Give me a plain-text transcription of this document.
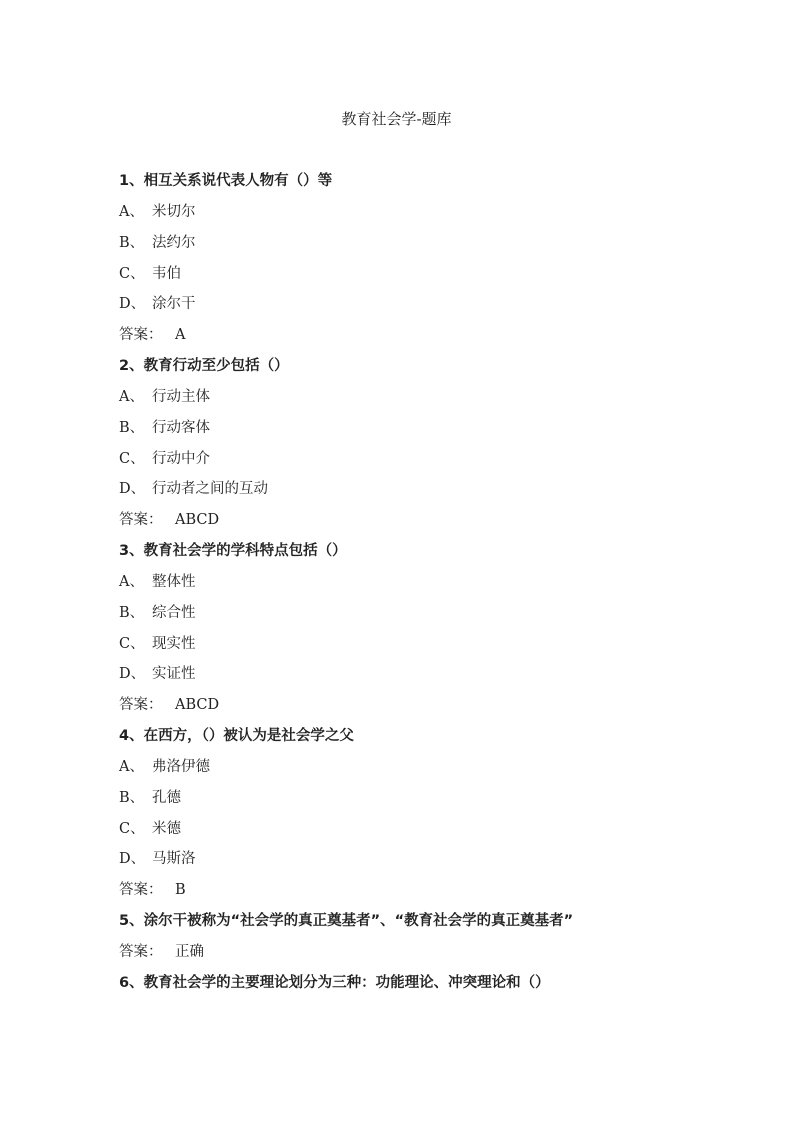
教育社会学-题库
1、相互关系说代表人物有（）等
A、 米切尔
B、 法约尔
C、 韦伯
D、 涂尔干
答案： A
2、教育行动至少包括（）
A、 行动主体
B、 行动客体
C、 行动中介
D、 行动者之间的互动
答案： ABCD
3、教育社会学的学科特点包括（）
A、 整体性
B、 综合性
C、 现实性
D、 实证性
答案： ABCD
4、在西方，（）被认为是社会学之父
A、 弗洛伊德
B、 孔德
C、 米德
D、 马斯洛
答案： B
5、涂尔干被称为“社会学的真正奠基者”、“教育社会学的真正奠基者”
答案： 正确
6、教育社会学的主要理论划分为三种：功能理论、冲突理论和（）
